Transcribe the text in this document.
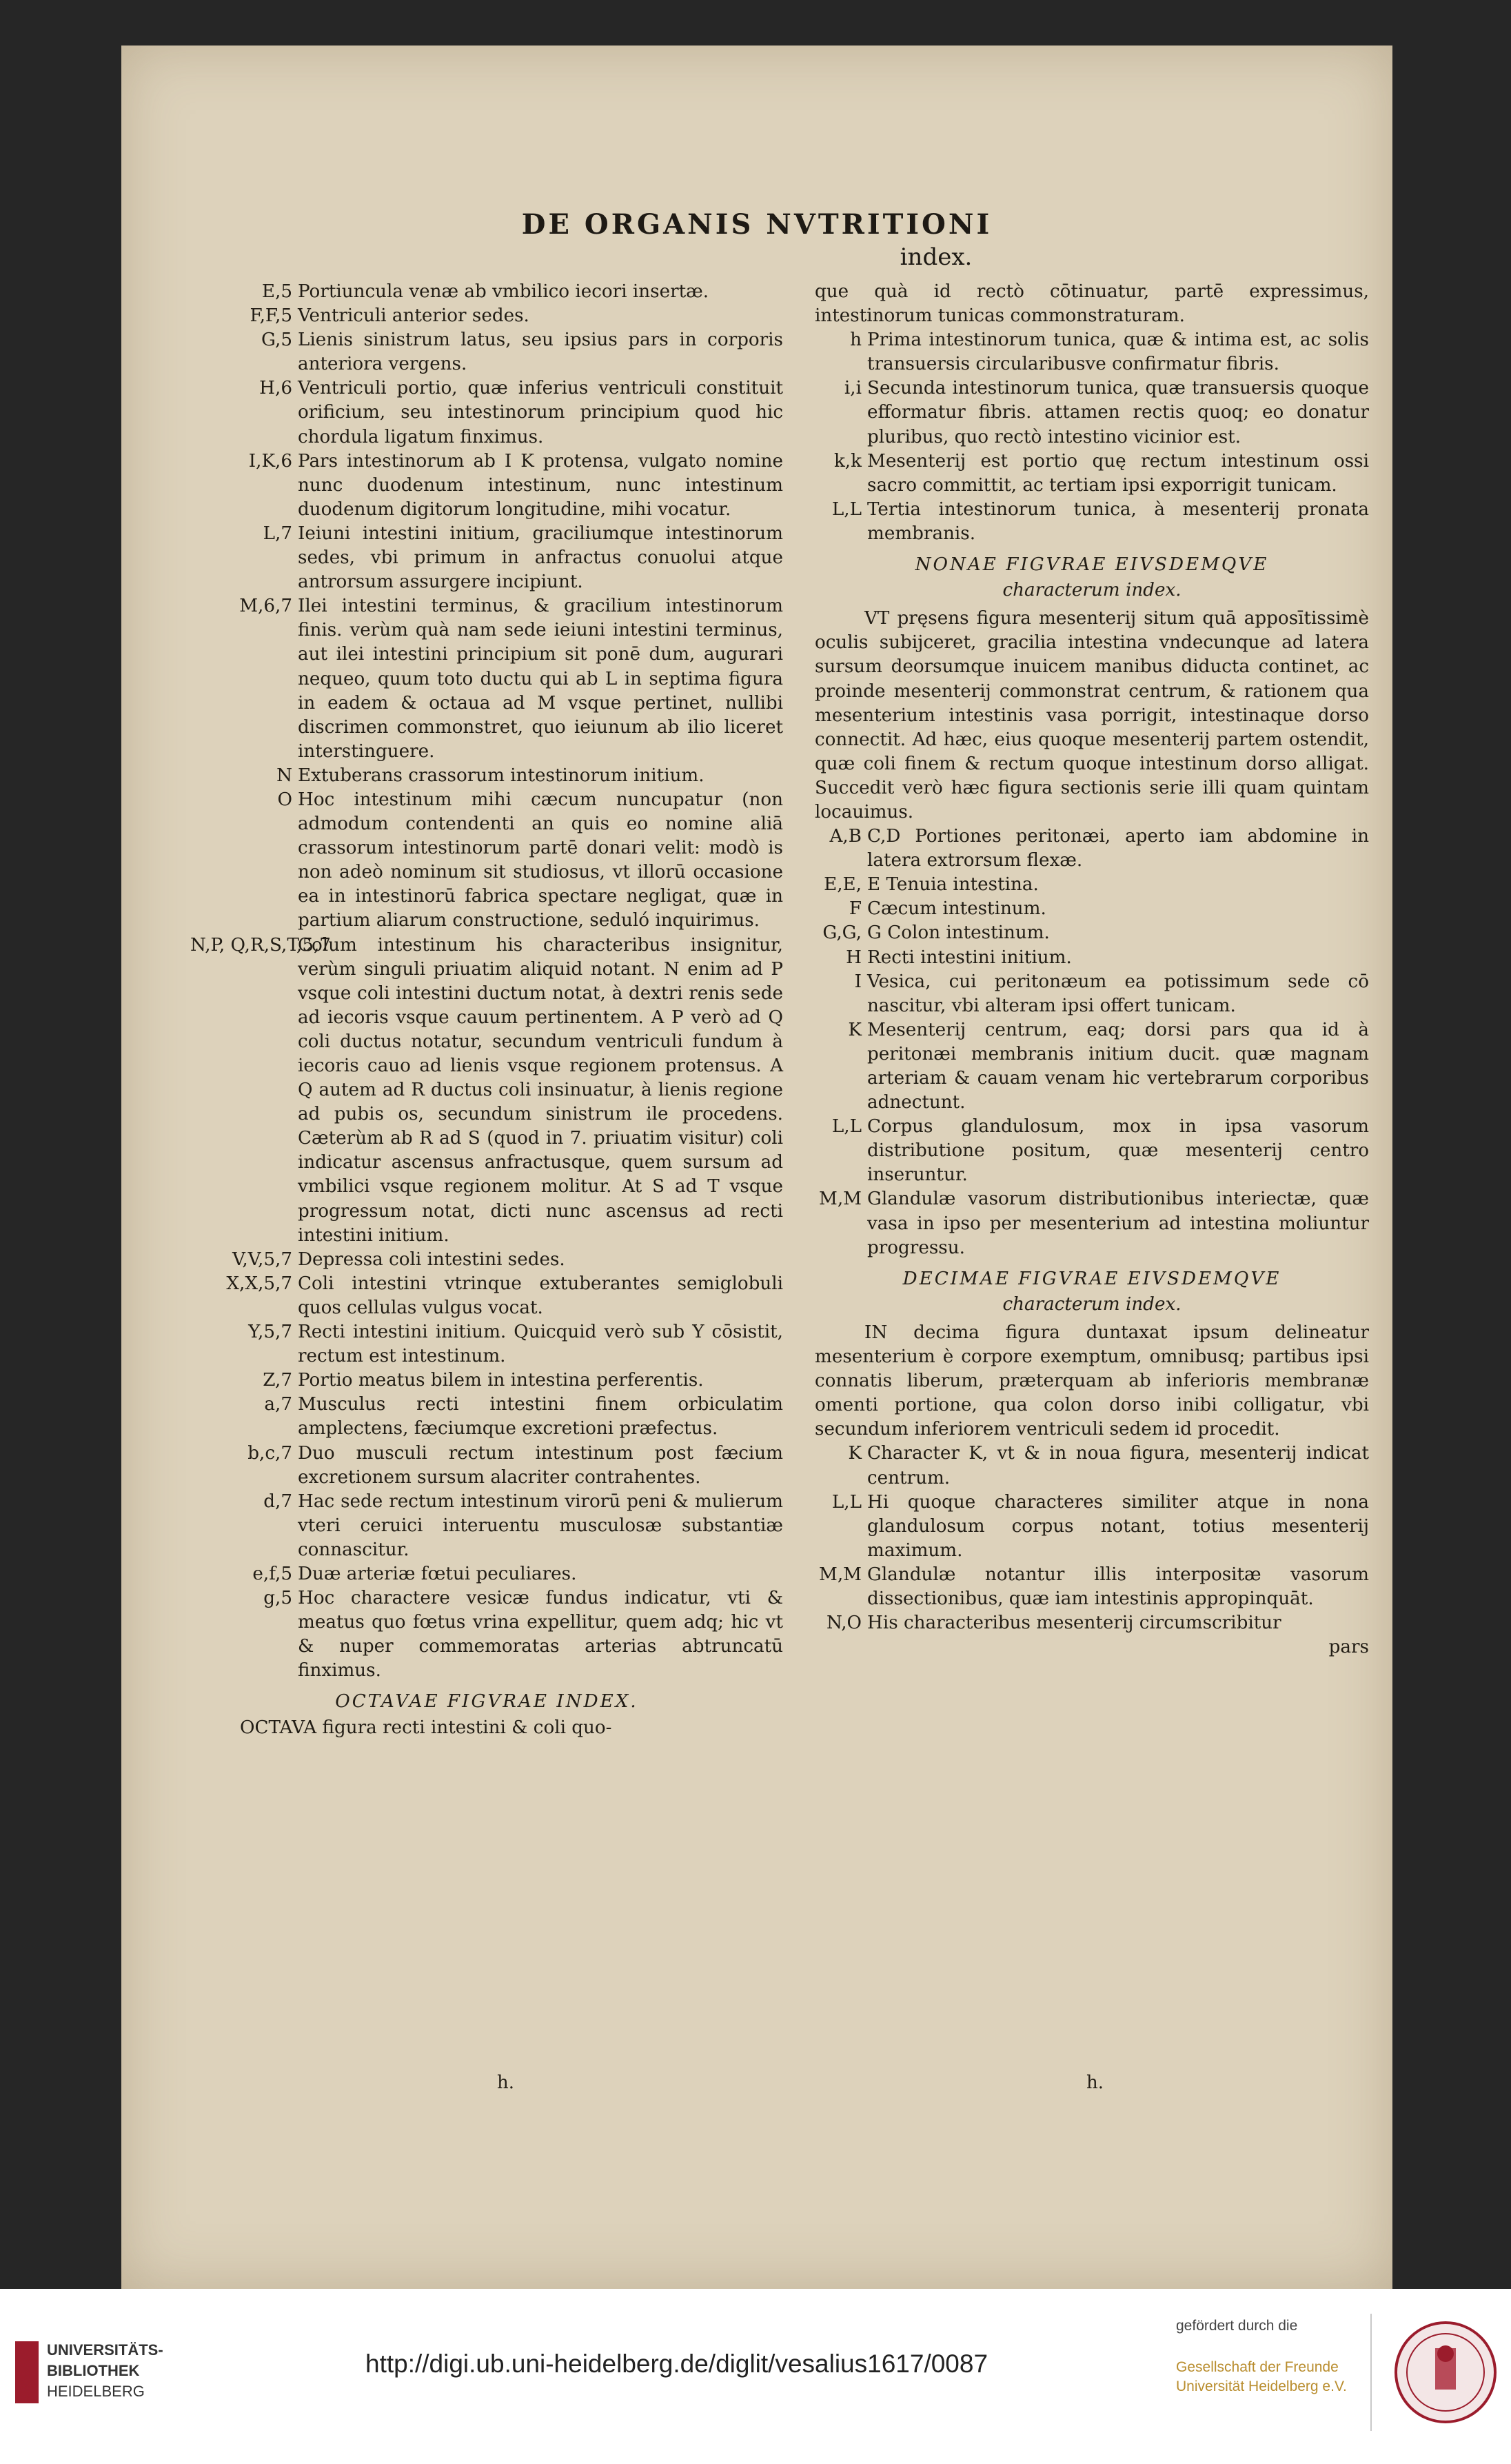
DE ORGANIS NVTRITIONI
index.
E,5 Portiuncula venæ ab vmbilico iecori insertæ.
F,F,5 Ventriculi anterior sedes.
G,5 Lienis sinistrum latus, seu ipsius pars in corporis anteriora vergens.
H,6 Ventriculi portio, quæ inferius ventriculi constituit orificium, seu intestinorum principium quod hic chordula ligatum finximus.
I,K,6 Pars intestinorum ab I K protensa, vulgato nomine nunc duodenum intestinum, nunc intestinum duodenum digitorum longitudine, mihi vocatur.
L,7 Ieiuni intestini initium, graciliumque intestinorum sedes, vbi primum in anfractus conuolui atque antrorsum assurgere incipiunt.
M,6,7 Ilei intestini terminus, & gracilium intestinorum finis. verùm quà nam sede ieiuni intestini terminus, aut ilei intestini principium sit ponē dum, augurari nequeo, quum toto ductu qui ab L in septima figura in eadem & octaua ad M vsque pertinet, nullibi discrimen commonstret, quo ieiunum ab ilio liceret interstinguere.
N Extuberans crassorum intestinorum initium.
O Hoc intestinum mihi cæcum nuncupatur (non admodum contendenti an quis eo nomine aliā crassorum intestinorum partē donari velit: modò is non adeò nominum sit studiosus, vt illorū occasione ea in intestinorū fabrica spectare negligat, quæ in partium aliarum constructione, seduló inquirimus.
N,P, Q,R,S,T,5,7
Colum intestinum his characteribus insignitur, verùm singuli priuatim aliquid notant. N enim ad P vsque coli intestini ductum notat, à dextri renis sede ad iecoris vsque cauum pertinentem. A P verò ad Q coli ductus notatur, secundum ventriculi fundum à iecoris cauo ad lienis vsque regionem protensus. A Q autem ad R ductus coli insinuatur, à lienis regione ad pubis os, secundum sinistrum ile procedens. Cæterùm ab R ad S (quod in 7. priuatim visitur) coli indicatur ascensus anfractusque, quem sursum ad vmbilici vsque regionem molitur. At S ad T vsque progressum notat, dicti nunc ascensus ad recti intestini initium.
V,V,5,7 Depressa coli intestini sedes.
X,X,5,7 Coli intestini vtrinque extuberantes semiglobuli quos cellulas vulgus vocat.
Y,5,7 Recti intestini initium. Quicquid verò sub Y cōsistit, rectum est intestinum.
Z,7 Portio meatus bilem in intestina perferentis.
a,7 Musculus recti intestini finem orbiculatim amplectens, fæciumque excretioni præfectus.
b,c,7 Duo musculi rectum intestinum post fæcium excretionem sursum alacriter contrahentes.
d,7 Hac sede rectum intestinum virorū peni & mulierum vteri ceruici interuentu musculosæ substantiæ connascitur.
e,f,5 Duæ arteriæ fœtui peculiares.
g,5 Hoc charactere vesicæ fundus indicatur, vti & meatus quo fœtus vrina expellitur, quem adq; hic vt & nuper commemoratas arterias abtruncatū finximus.
OCTAVAE FIGVRAE INDEX.
OCTAVA figura recti intestini & coli quo-
h.
que quà id rectò cōtinuatur, partē expressimus, intestinorum tunicas commonstraturam.
h Prima intestinorum tunica, quæ & intima est, ac solis transuersis circularibusve confirmatur fibris.
i,i Secunda intestinorum tunica, quæ transuersis quoque efformatur fibris. attamen rectis quoq; eo donatur pluribus, quo rectò intestino vicinior est.
k,k Mesenterij est portio quę rectum intestinum ossi sacro committit, ac tertiam ipsi exporrigit tunicam.
L,L Tertia intestinorum tunica, à mesenterij pronata membranis.
NONAE FIGVRAE EIVSDEMQVE
characterum index.
VT pręsens figura mesenterij situm quā apposītissimè oculis subijceret, gracilia intestina vndecunque ad latera sursum deorsumque inuicem manibus diducta continet, ac proinde mesenterij commonstrat centrum, & rationem qua mesenterium intestinis vasa porrigit, intestinaque dorso connectit. Ad hæc, eius quoque mesenterij partem ostendit, quæ coli finem & rectum quoque intestinum dorso alligat. Succedit verò hæc figura sectionis serie illi quam quintam locauimus.
A,B C,D Portiones peritonæi, aperto iam abdomine in latera extrorsum flexæ.
E,E, E Tenuia intestina.
F Cæcum intestinum.
G,G, G Colon intestinum.
H Recti intestini initium.
I Vesica, cui peritonæum ea potissimum sede cō nascitur, vbi alteram ipsi offert tunicam.
K Mesenterij centrum, eaq; dorsi pars qua id à peritonæi membranis initium ducit. quæ magnam arteriam & cauam venam hic vertebrarum corporibus adnectunt.
L,L Corpus glandulosum, mox in ipsa vasorum distributione positum, quæ mesenterij centro inseruntur.
M,M Glandulæ vasorum distributionibus interiectæ, quæ vasa in ipso per mesenterium ad intestina moliuntur progressu.
DECIMAE FIGVRAE EIVSDEMQVE
characterum index.
IN decima figura duntaxat ipsum delineatur mesenterium è corpore exemptum, omnibusq; partibus ipsi connatis liberum, præterquam ab inferioris membranæ omenti portione, qua colon dorso inibi colligatur, vbi secundum inferiorem ventriculi sedem id procedit.
K Character K, vt & in noua figura, mesenterij indicat centrum.
L,L Hi quoque characteres similiter atque in nona glandulosum corpus notant, totius mesenterij maximum.
M,M Glandulæ notantur illis interpositæ vasorum dissectionibus, quæ iam intestinis appropinquāt.
N,O His characteribus mesenterij circumscribitur
pars
h.
UNIVERSITÄTS-
BIBLIOTHEK
HEIDELBERG
http://digi.ub.uni-heidelberg.de/diglit/vesalius1617/0087
gefördert durch die
Gesellschaft der Freunde
Universität Heidelberg e.V.
